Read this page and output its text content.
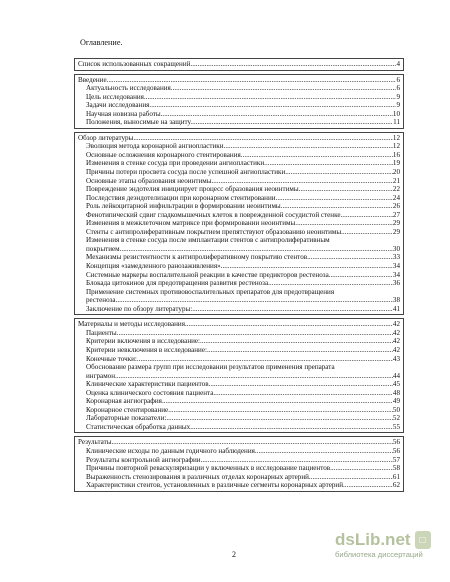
Оглавление.
Список использованных сокращений. .....	4
Введение. .....	6
Актуальность исследования. .....	6
Цель исследования. .....	9
Задачи исследования. .....	9
Научная новизна работы. .....	10
Положения, выносимые на защиту. .....	11
Обзор литературы. .....	12
Эволюция метода коронарной ангиопластики. .....	12
Основные осложнения коронарного стентирования. .....	16
Изменения в стенке сосуда при проведении ангиопластики. .....	19
Причины потери просвета сосуда после успешной ангиопластики. .....	20
Основные этапы образования неоинтимы. .....	21
Повреждение эндотелия инициирует процесс образования неоинтимы. .....	22
Последствия деэндотелизации при коронарном стентировании. .....	24
Роль лейкоцитарной инфильтрации в формировании неоинтимы. .....	26
Фенотипический сдвиг гладкомышечных клеток в поврежденной сосудистой стенке. .....	27
Изменения в межклеточном матриксе при формировании неоинтимы. .....	29
Стенты с антипролиферативным покрытием препятствуют образованию неоинтимы. .....	29
Изменения в стенке сосуда после имплантации стентов с антипролиферативным
покрытием. .....	30
Механизмы резистентности к антипролиферативному покрытию стентов. .....	33
Концепция «замедленного ранозаживления». .....	34
Системные маркеры воспалительной реакции в качестве предикторов рестеноза .....	34
Блокада цитокинов для предотвращения развития рестеноза .....	36
Применение системных противовоспалительных препаратов для предотвращения
рестеноза. .....	38
Заключение по обзору литературы: .....	41
Материалы и методы исследования. .....	42
Пациенты. .....	42
Критерии включения в исследование: .....	42
Критерии невключения в исследование: .....	42
Конечные точки: .....	43
Обоснование размера групп при исследовании результатов применения препарата
инграмон. .....	44
Клинические характеристики пациентов. .....	45
Оценка клинического состояния пациента .....	48
Коронарная ангиография .....	49
Коронарное стентирование .....	50
Лабораторные показатели: .....	52
Статистическая обработка данных. .....	55
Результаты. .....	56
Клинические исходы по данным годичного наблюдения. .....	56
Результаты контрольной ангиографии. .....	57
Причины повторной реваскуляризации у включенных в исследование пациентов. .....	58
Выраженность стенозирования в различных отделах коронарных артерий. .....	61
Характеристики стентов, установленных в различные сегменты коронарных артерий. .....	62
2
dsLib.net □
библиотека диссертаций
